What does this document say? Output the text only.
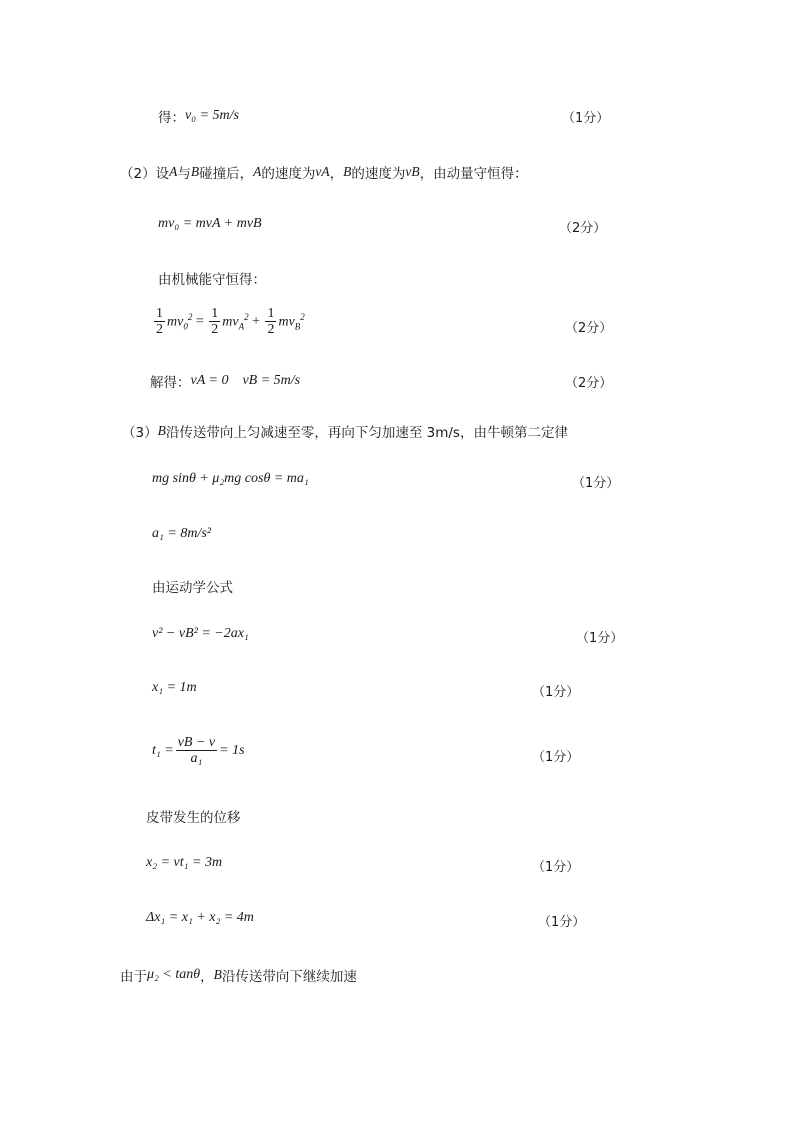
得： v₀ = 5m/s	（1分）
（2）设 A 与 B 碰撞后， A 的速度为 vA ， B 的速度为 vB ，由动量守恒得：
mv₀ = mvA + mvB	（2分）
由机械能守恒得：
$\frac{1}{2} mv_0^2 = \frac{1}{2} mv_A^2 + \frac{1}{2} mv_B^2$
（2分）
解得： vA = 0 vB = 5m/s	（2分）
（3） B 沿传送带向上匀减速至零，再向下匀加速至 3m/s，由牛顿第二定律
mg sinθ + μ₂mg cosθ = ma₁	（1分）
a₁ = 8m/s²
由运动学公式
v² − vB² = −2ax₁	（1分）
x₁ = 1m	（1分）
$t_1 = \frac{vB - v}{\text{a₁}} = 1s$	（1分）
皮带发生的位移
x₂ = vt₁ = 3m	（1分）
Δx₁ = x₁ + x₂ = 4m	（1分）
由于 μ₂ < tanθ ， B 沿传送带向下继续加速
